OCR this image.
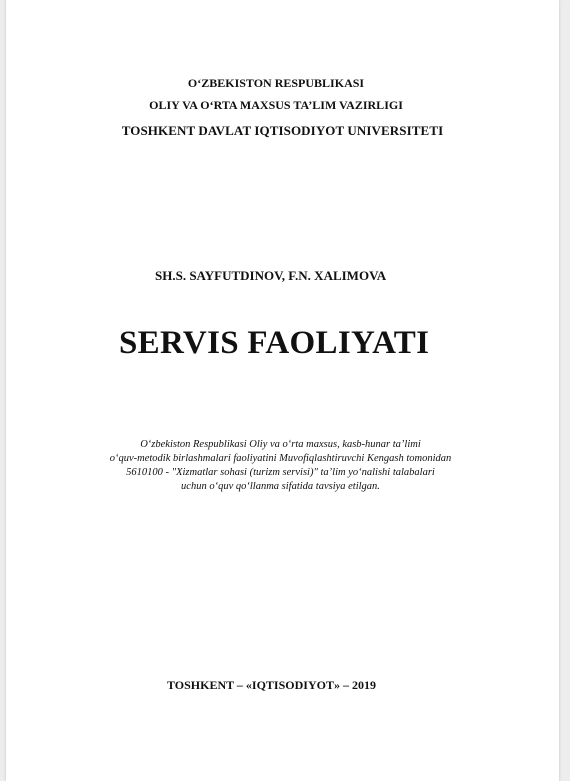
O‘ZBEKISTON RESPUBLIKASI
OLIY VA O‘RTA MAXSUS TA’LIM VAZIRLIGI
TOSHKENT DAVLAT IQTISODIYOT UNIVERSITETI
SH.S. SAYFUTDINOV, F.N. XALIMOVA
SERVIS FAOLIYATI
O‘zbekiston Respublikasi Oliy va o‘rta maxsus, kasb-hunar ta’limi
o‘quv-metodik birlashmalari faoliyatini Muvofiqlashtiruvchi Kengash tomonidan
5610100 - "Xizmatlar sohasi (turizm servisi)" ta’lim yo‘nalishi talabalari
uchun o‘quv qo‘llanma sifatida tavsiya etilgan.
TOSHKENT – «IQTISODIYOT» – 2019
